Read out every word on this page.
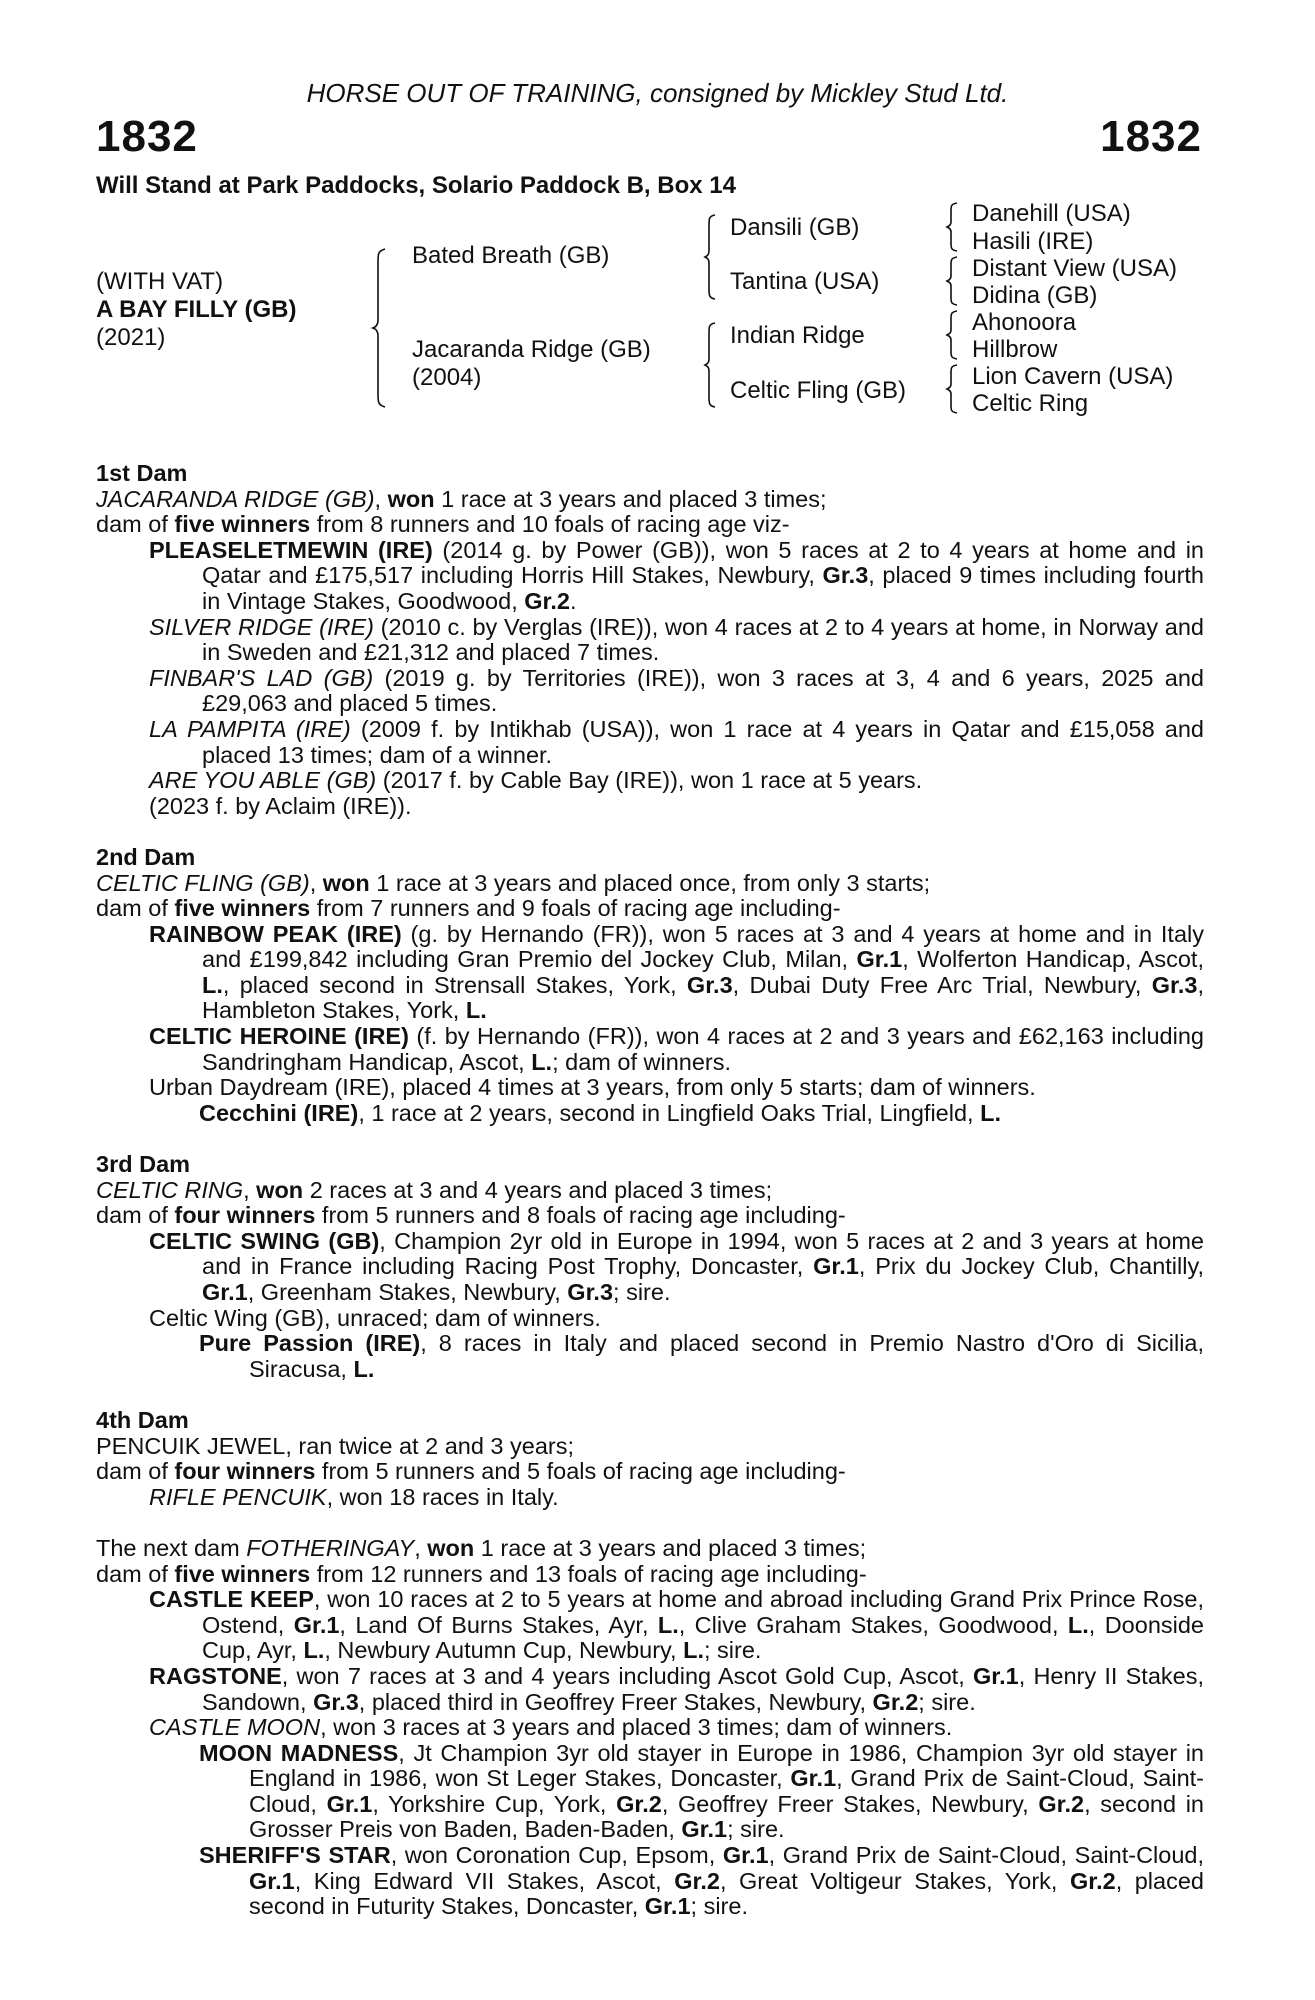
HORSE OUT OF TRAINING, consigned by Mickley Stud Ltd.
1832	1832
Will Stand at Park Paddocks, Solario Paddock B, Box 14
(WITH VAT)
A BAY FILLY (GB)
(2021)
Bated Breath (GB)
Jacaranda Ridge (GB)
(2004)
Dansili (GB)
Tantina (USA)
Indian Ridge
Celtic Fling (GB)
Danehill (USA)
Hasili (IRE)
Distant View (USA)
Didina (GB)
Ahonoora
Hillbrow
Lion Cavern (USA)
Celtic Ring
1st Dam
JACARANDA RIDGE (GB), won 1 race at 3 years and placed 3 times;
dam of five winners from 8 runners and 10 foals of racing age viz-
PLEASELETMEWIN (IRE) (2014 g. by Power (GB)), won 5 races at 2 to 4 years at home and in Qatar and £175,517 including Horris Hill Stakes, Newbury, Gr.3, placed 9 times including fourth in Vintage Stakes, Goodwood, Gr.2.
SILVER RIDGE (IRE) (2010 c. by Verglas (IRE)), won 4 races at 2 to 4 years at home, in Norway and in Sweden and £21,312 and placed 7 times.
FINBAR'S LAD (GB) (2019 g. by Territories (IRE)), won 3 races at 3, 4 and 6 years, 2025 and £29,063 and placed 5 times.
LA PAMPITA (IRE) (2009 f. by Intikhab (USA)), won 1 race at 4 years in Qatar and £15,058 and placed 13 times; dam of a winner.
ARE YOU ABLE (GB) (2017 f. by Cable Bay (IRE)), won 1 race at 5 years.
(2023 f. by Aclaim (IRE)).
2nd Dam
CELTIC FLING (GB), won 1 race at 3 years and placed once, from only 3 starts;
dam of five winners from 7 runners and 9 foals of racing age including-
RAINBOW PEAK (IRE) (g. by Hernando (FR)), won 5 races at 3 and 4 years at home and in Italy and £199,842 including Gran Premio del Jockey Club, Milan, Gr.1, Wolferton Handicap, Ascot, L., placed second in Strensall Stakes, York, Gr.3, Dubai Duty Free Arc Trial, Newbury, Gr.3, Hambleton Stakes, York, L.
CELTIC HEROINE (IRE) (f. by Hernando (FR)), won 4 races at 2 and 3 years and £62,163 including Sandringham Handicap, Ascot, L.; dam of winners.
Urban Daydream (IRE), placed 4 times at 3 years, from only 5 starts; dam of winners.
Cecchini (IRE), 1 race at 2 years, second in Lingfield Oaks Trial, Lingfield, L.
3rd Dam
CELTIC RING, won 2 races at 3 and 4 years and placed 3 times;
dam of four winners from 5 runners and 8 foals of racing age including-
CELTIC SWING (GB), Champion 2yr old in Europe in 1994, won 5 races at 2 and 3 years at home and in France including Racing Post Trophy, Doncaster, Gr.1, Prix du Jockey Club, Chantilly, Gr.1, Greenham Stakes, Newbury, Gr.3; sire.
Celtic Wing (GB), unraced; dam of winners.
Pure Passion (IRE), 8 races in Italy and placed second in Premio Nastro d'Oro di Sicilia, Siracusa, L.
4th Dam
PENCUIK JEWEL, ran twice at 2 and 3 years;
dam of four winners from 5 runners and 5 foals of racing age including-
RIFLE PENCUIK, won 18 races in Italy.
The next dam FOTHERINGAY, won 1 race at 3 years and placed 3 times;
dam of five winners from 12 runners and 13 foals of racing age including-
CASTLE KEEP, won 10 races at 2 to 5 years at home and abroad including Grand Prix Prince Rose, Ostend, Gr.1, Land Of Burns Stakes, Ayr, L., Clive Graham Stakes, Goodwood, L., Doonside Cup, Ayr, L., Newbury Autumn Cup, Newbury, L.; sire.
RAGSTONE, won 7 races at 3 and 4 years including Ascot Gold Cup, Ascot, Gr.1, Henry II Stakes, Sandown, Gr.3, placed third in Geoffrey Freer Stakes, Newbury, Gr.2; sire.
CASTLE MOON, won 3 races at 3 years and placed 3 times; dam of winners.
MOON MADNESS, Jt Champion 3yr old stayer in Europe in 1986, Champion 3yr old stayer in England in 1986, won St Leger Stakes, Doncaster, Gr.1, Grand Prix de Saint-Cloud, Saint-Cloud, Gr.1, Yorkshire Cup, York, Gr.2, Geoffrey Freer Stakes, Newbury, Gr.2, second in Grosser Preis von Baden, Baden-Baden, Gr.1; sire.
SHERIFF'S STAR, won Coronation Cup, Epsom, Gr.1, Grand Prix de Saint-Cloud, Saint-Cloud, Gr.1, King Edward VII Stakes, Ascot, Gr.2, Great Voltigeur Stakes, York, Gr.2, placed second in Futurity Stakes, Doncaster, Gr.1; sire.
